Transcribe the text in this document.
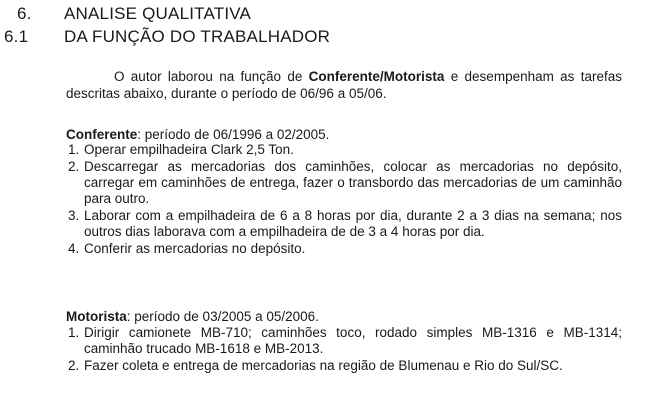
6. ANALISE QUALITATIVA
6.1 DA FUNÇÃO DO TRABALHADOR

O autor laborou na função de Conferente/Motorista e desempenham as tarefas descritas abaixo, durante o período de 06/96 a 05/06.

Conferente: período de 06/1996 a 02/2005.
1. Operar empilhadeira Clark 2,5 Ton.
2. Descarregar as mercadorias dos caminhões, colocar as mercadorias no depósito, carregar em caminhões de entrega, fazer o transbordo das mercadorias de um caminhão para outro.
3. Laborar com a empilhadeira de 6 a 8 horas por dia, durante 2 a 3 dias na semana; nos outros dias laborava com a empilhadeira de de 3 a 4 horas por dia.
4. Conferir as mercadorias no depósito.
Motorista: período de 03/2005 a 05/2006.
1. Dirigir camionete MB-710; caminhões toco, rodado simples MB-1316 e MB-1314; caminhão trucado MB-1618 e MB-2013.
2. Fazer coleta e entrega de mercadorias na região de Blumenau e Rio do Sul/SC.
